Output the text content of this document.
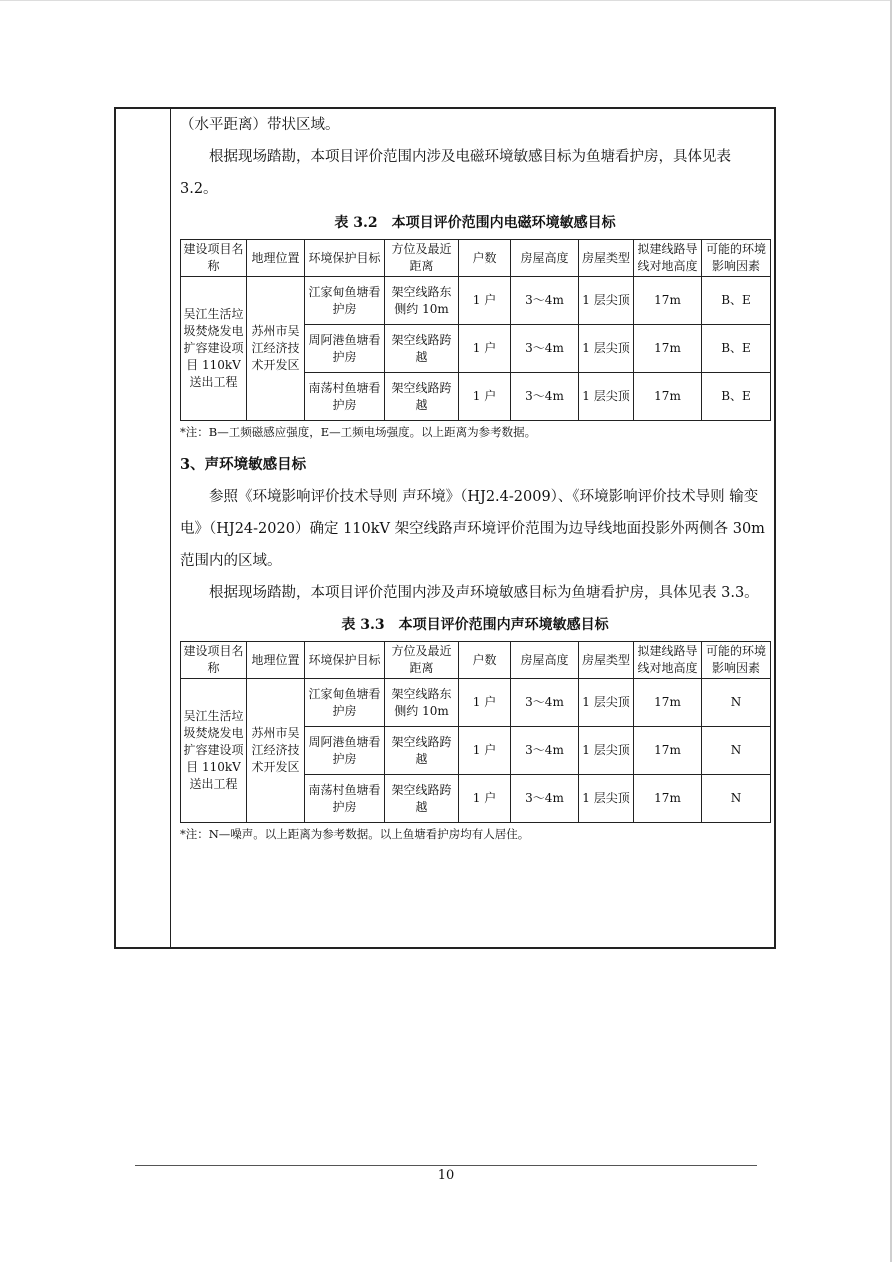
（水平距离）带状区域。

根据现场踏勘，本项目评价范围内涉及电磁环境敏感目标为鱼塘看护房，具体见表 3.2。

表 3.2　本项目评价范围内电磁环境敏感目标

建设项目名称	地理位置	环境保护目标	方位及最近距离	户数	房屋高度	房屋类型	拟建线路导线对地高度	可能的环境影响因素
吴江生活垃圾焚烧发电扩容建设项目 110kV 送出工程	苏州市吴江经济技术开发区	江家甸鱼塘看护房	架空线路东侧约 10m	1 户	3～4m	1 层尖顶	17m	B、E
		周阿港鱼塘看护房	架空线路跨越	1 户	3～4m	1 层尖顶	17m	B、E
		南荡村鱼塘看护房	架空线路跨越	1 户	3～4m	1 层尖顶	17m	B、E

*注：B—工频磁感应强度，E—工频电场强度。以上距离为参考数据。

3、声环境敏感目标

参照《环境影响评价技术导则 声环境》（HJ2.4-2009）、《环境影响评价技术导则 输变电》（HJ24-2020）确定 110kV 架空线路声环境评价范围为边导线地面投影外两侧各 30m 范围内的区域。

根据现场踏勘，本项目评价范围内涉及声环境敏感目标为鱼塘看护房，具体见表 3.3。

表 3.3　本项目评价范围内声环境敏感目标

建设项目名称	地理位置	环境保护目标	方位及最近距离	户数	房屋高度	房屋类型	拟建线路导线对地高度	可能的环境影响因素
吴江生活垃圾焚烧发电扩容建设项目 110kV 送出工程	苏州市吴江经济技术开发区	江家甸鱼塘看护房	架空线路东侧约 10m	1 户	3～4m	1 层尖顶	17m	N
		周阿港鱼塘看护房	架空线路跨越	1 户	3～4m	1 层尖顶	17m	N
		南荡村鱼塘看护房	架空线路跨越	1 户	3～4m	1 层尖顶	17m	N

*注：N—噪声。以上距离为参考数据。以上鱼塘看护房均有人居住。

10
